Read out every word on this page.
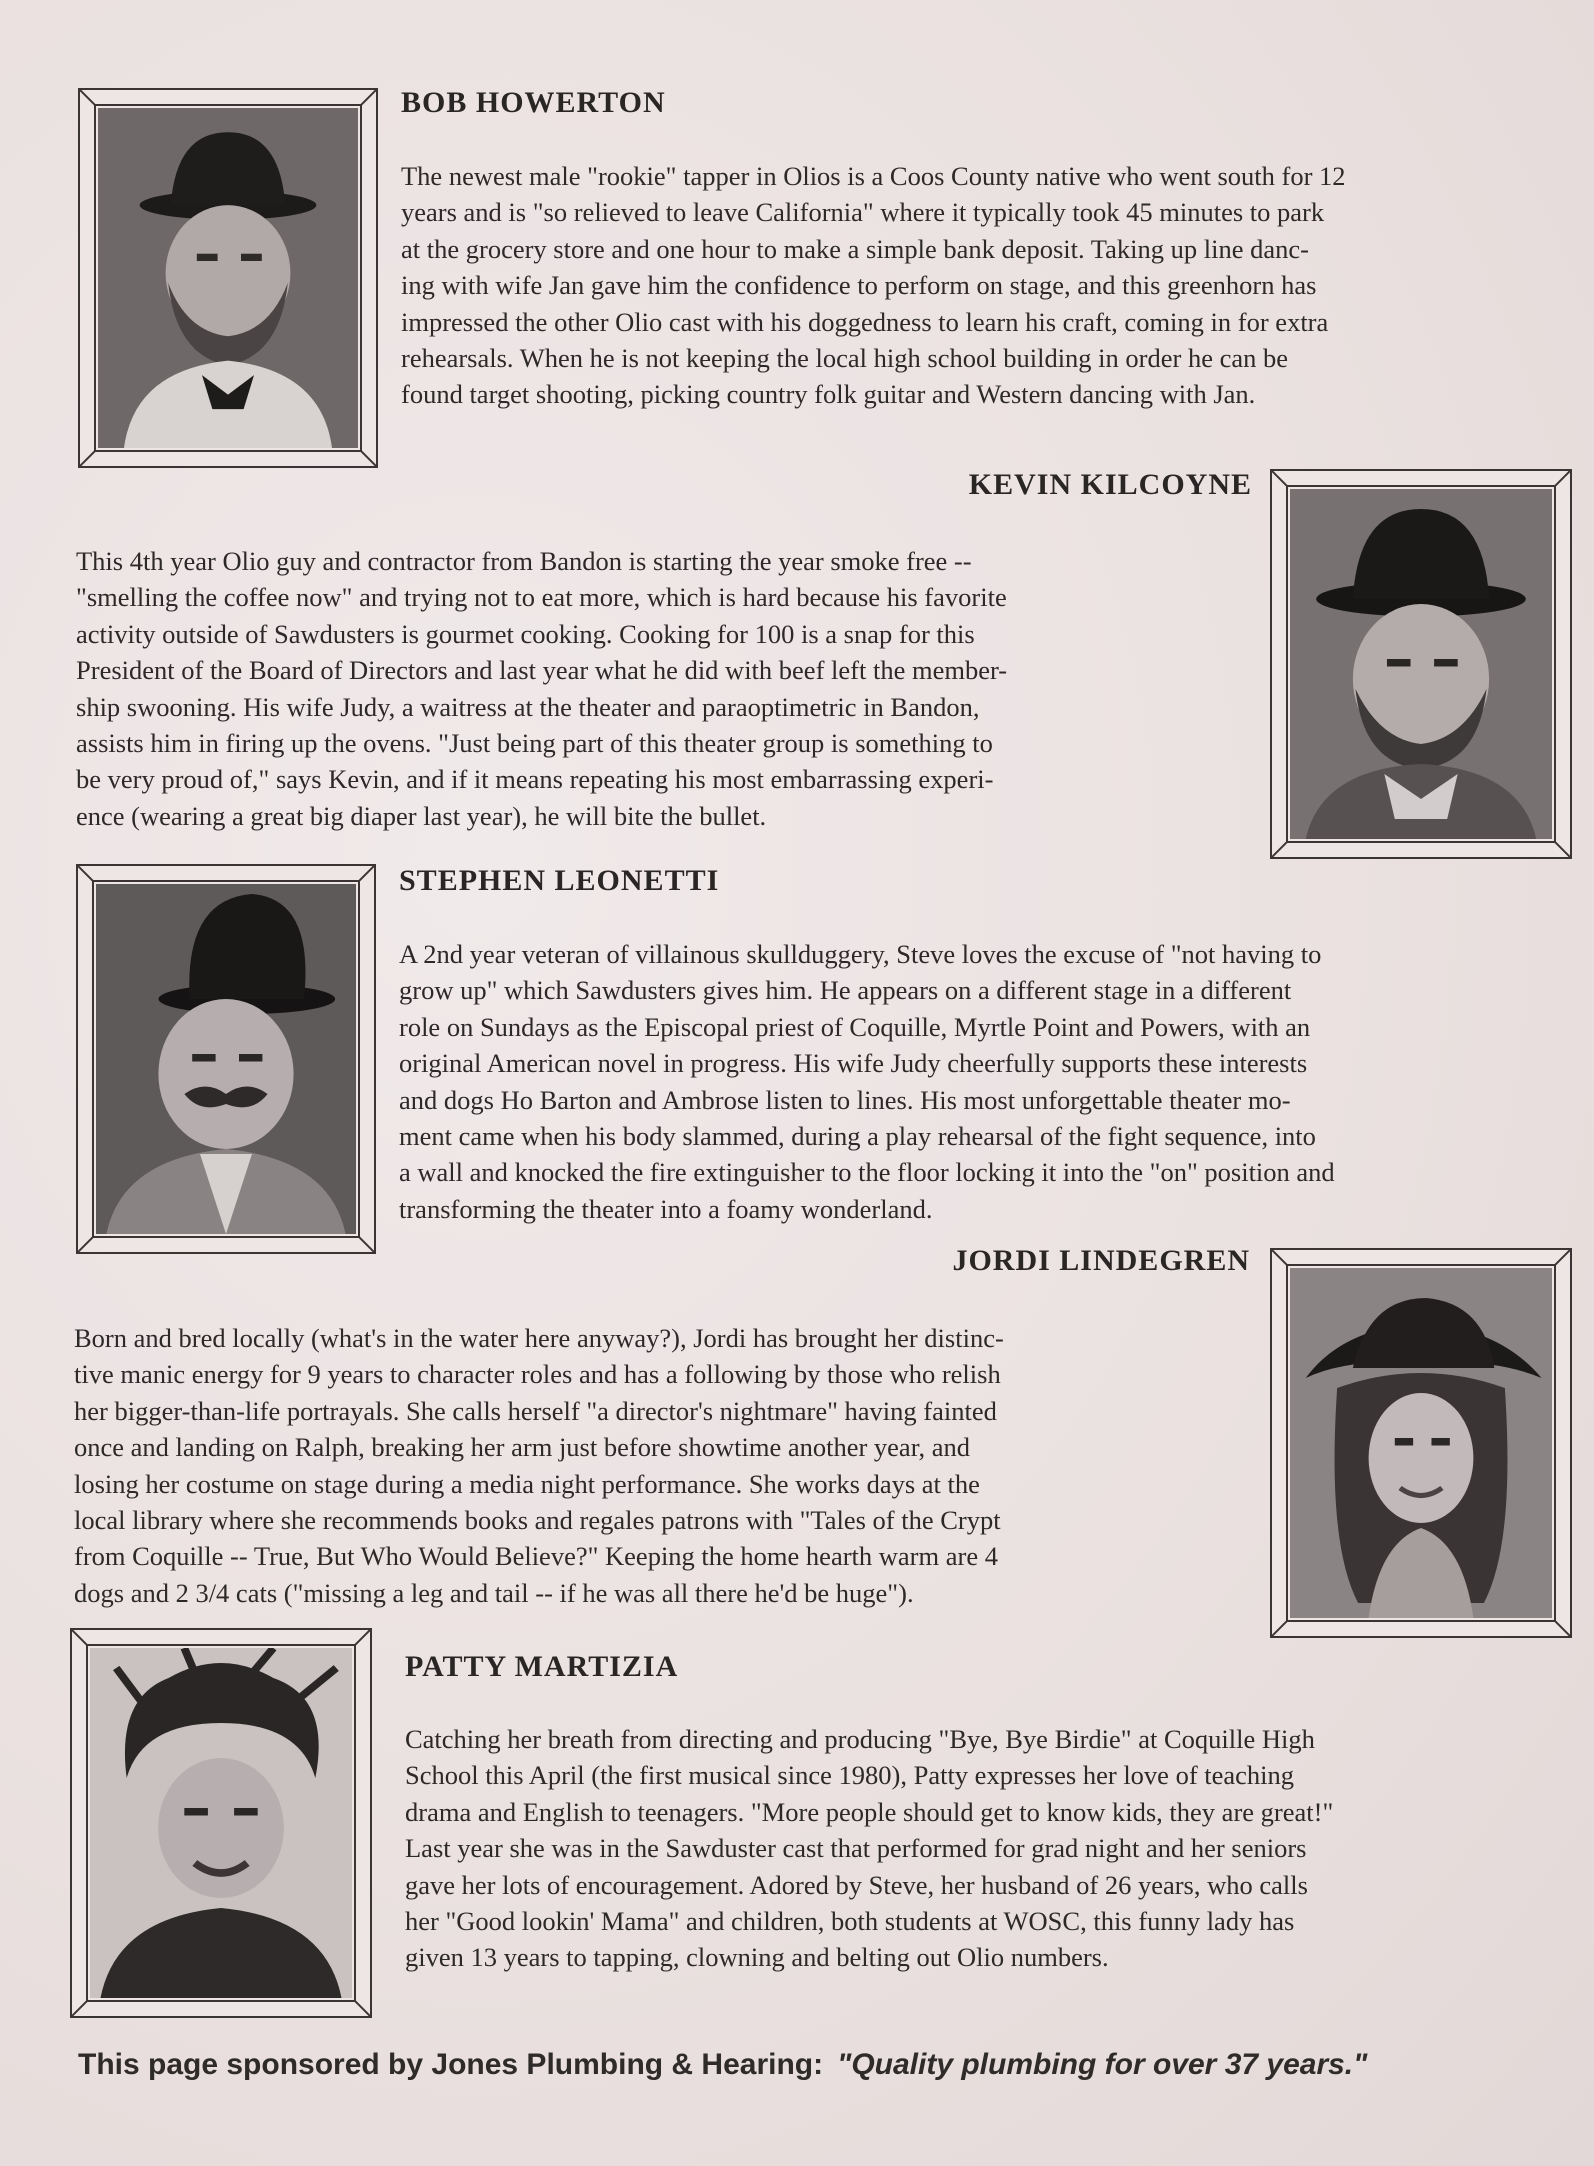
BOB HOWERTON
The newest male "rookie" tapper in Olios is a Coos County native who went south for 12
years and is "so relieved to leave California" where it typically took 45 minutes to park
at the grocery store and one hour to make a simple bank deposit. Taking up line danc-
ing with wife Jan gave him the confidence to perform on stage, and this greenhorn has
impressed the other Olio cast with his doggedness to learn his craft, coming in for extra
rehearsals. When he is not keeping the local high school building in order he can be
found target shooting, picking country folk guitar and Western dancing with Jan.
KEVIN KILCOYNE
This 4th year Olio guy and contractor from Bandon is starting the year smoke free --
"smelling the coffee now" and trying not to eat more, which is hard because his favorite
activity outside of Sawdusters is gourmet cooking. Cooking for 100 is a snap for this
President of the Board of Directors and last year what he did with beef left the member-
ship swooning. His wife Judy, a waitress at the theater and paraoptimetric in Bandon,
assists him in firing up the ovens. "Just being part of this theater group is something to
be very proud of," says Kevin, and if it means repeating his most embarrassing experi-
ence (wearing a great big diaper last year), he will bite the bullet.
STEPHEN LEONETTI
A 2nd year veteran of villainous skullduggery, Steve loves the excuse of "not having to
grow up" which Sawdusters gives him. He appears on a different stage in a different
role on Sundays as the Episcopal priest of Coquille, Myrtle Point and Powers, with an
original American novel in progress. His wife Judy cheerfully supports these interests
and dogs Ho Barton and Ambrose listen to lines. His most unforgettable theater mo-
ment came when his body slammed, during a play rehearsal of the fight sequence, into
a wall and knocked the fire extinguisher to the floor locking it into the "on" position and
transforming the theater into a foamy wonderland.
JORDI LINDEGREN
Born and bred locally (what's in the water here anyway?), Jordi has brought her distinc-
tive manic energy for 9 years to character roles and has a following by those who relish
her bigger-than-life portrayals. She calls herself "a director's nightmare" having fainted
once and landing on Ralph, breaking her arm just before showtime another year, and
losing her costume on stage during a media night performance. She works days at the
local library where she recommends books and regales patrons with "Tales of the Crypt
from Coquille -- True, But Who Would Believe?" Keeping the home hearth warm are 4
dogs and 2 3/4 cats ("missing a leg and tail -- if he was all there he'd be huge").
PATTY MARTIZIA
Catching her breath from directing and producing "Bye, Bye Birdie" at Coquille High
School this April (the first musical since 1980), Patty expresses her love of teaching
drama and English to teenagers. "More people should get to know kids, they are great!"
Last year she was in the Sawduster cast that performed for grad night and her seniors
gave her lots of encouragement. Adored by Steve, her husband of 26 years, who calls
her "Good lookin' Mama" and children, both students at WOSC, this funny lady has
given 13 years to tapping, clowning and belting out Olio numbers.
This page sponsored by Jones Plumbing & Hearing: "Quality plumbing for over 37 years."
